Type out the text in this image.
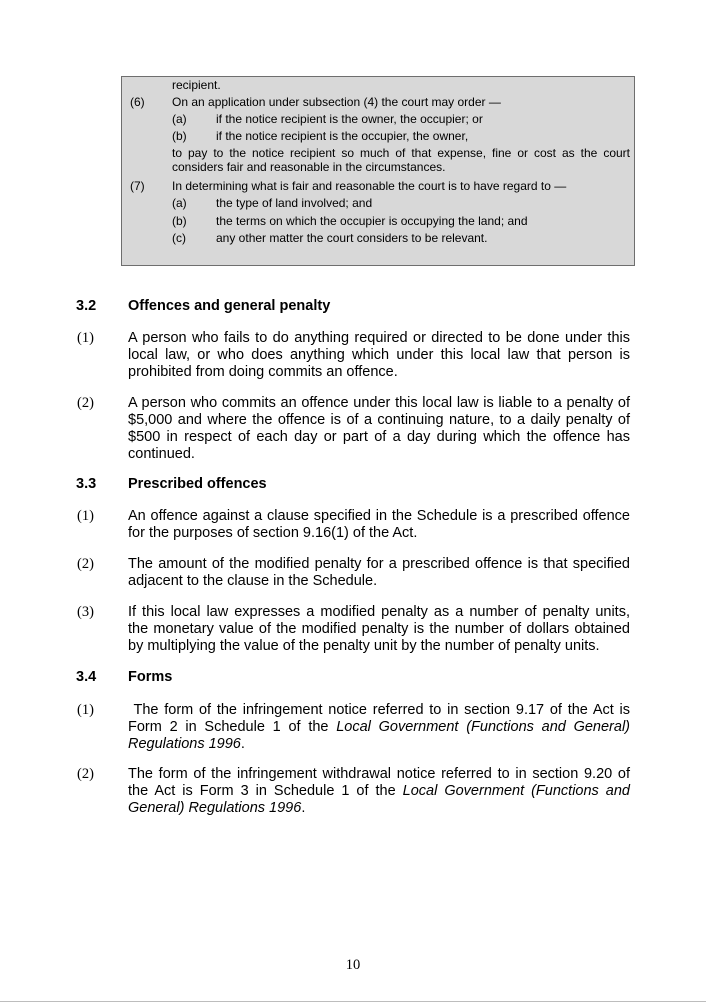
recipient.
(6) On an application under subsection (4) the court may order —
(a) if the notice recipient is the owner, the occupier; or
(b) if the notice recipient is the occupier, the owner,
to pay to the notice recipient so much of that expense, fine or cost as the court considers fair and reasonable in the circumstances.
(7) In determining what is fair and reasonable the court is to have regard to —
(a) the type of land involved; and
(b) the terms on which the occupier is occupying the land; and
(c)	any other matter the court considers to be relevant.
3.2 Offences and general penalty
(1) A person who fails to do anything required or directed to be done under this
local law, or who does anything which under this local law that person is
prohibited from doing commits an offence.
(2) A person who commits an offence under this local law is liable to a penalty of
$5,000 and where the offence is of a continuing nature, to a daily penalty of
$500 in respect of each day or part of a day during which the offence has
continued.
3.3 Prescribed offences
(1) An offence against a clause specified in the Schedule is a prescribed offence
for the purposes of section 9.16(1) of the Act.
(2) The amount of the modified penalty for a prescribed offence is that specified
adjacent to the clause in the Schedule.
(3) If this local law expresses a modified penalty as a number of penalty units,
the monetary value of the modified penalty is the number of dollars obtained
by multiplying the value of the penalty unit by the number of penalty units.
3.4 Forms
(1) The form of the infringement notice referred to in section 9.17 of the Act is
Form 2 in Schedule 1 of the Local Government (Functions and General)
Regulations 1996.
(2) The form of the infringement withdrawal notice referred to in section 9.20 of
the Act is Form 3 in Schedule 1 of the Local Government (Functions and
General) Regulations 1996.
10
